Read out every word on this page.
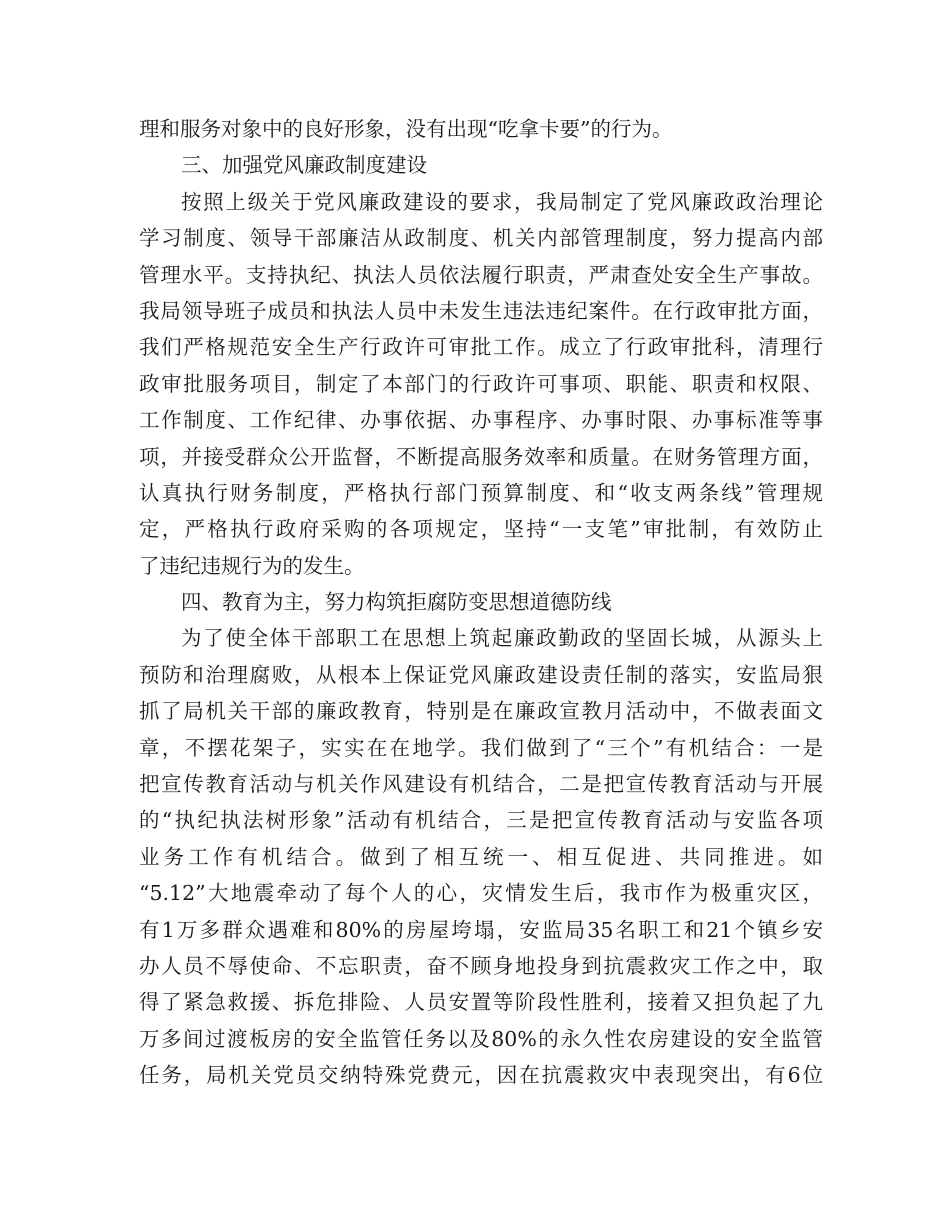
理和服务对象中的良好形象，没有出现“吃拿卡要”的行为。
三、加强党风廉政制度建设
按照上级关于党风廉政建设的要求，我局制定了党风廉政政治理论
学习制度、领导干部廉洁从政制度、机关内部管理制度，努力提高内部
管理水平。支持执纪、执法人员依法履行职责，严肃查处安全生产事故。
我局领导班子成员和执法人员中未发生违法违纪案件。在行政审批方面，
我们严格规范安全生产行政许可审批工作。成立了行政审批科，清理行
政审批服务项目，制定了本部门的行政许可事项、职能、职责和权限、
工作制度、工作纪律、办事依据、办事程序、办事时限、办事标准等事
项，并接受群众公开监督，不断提高服务效率和质量。在财务管理方面，
认真执行财务制度，严格执行部门预算制度、和“收支两条线”管理规
定，严格执行政府采购的各项规定，坚持“一支笔”审批制，有效防止
了违纪违规行为的发生。
四、教育为主，努力构筑拒腐防变思想道德防线
为了使全体干部职工在思想上筑起廉政勤政的坚固长城，从源头上
预防和治理腐败，从根本上保证党风廉政建设责任制的落实，安监局狠
抓了局机关干部的廉政教育，特别是在廉政宣教月活动中，不做表面文
章，不摆花架子，实实在在地学。我们做到了“三个”有机结合：一是
把宣传教育活动与机关作风建设有机结合，二是把宣传教育活动与开展
的“执纪执法树形象”活动有机结合，三是把宣传教育活动与安监各项
业务工作有机结合。做到了相互统一、相互促进、共同推进。如
“5.12”大地震牵动了每个人的心，灾情发生后，我市作为极重灾区，
有1万多群众遇难和80%的房屋垮塌，安监局35名职工和21个镇乡安
办人员不辱使命、不忘职责，奋不顾身地投身到抗震救灾工作之中，取
得了紧急救援、拆危排险、人员安置等阶段性胜利，接着又担负起了九
万多间过渡板房的安全监管任务以及80%的永久性农房建设的安全监管
任务，局机关党员交纳特殊党费元，因在抗震救灾中表现突出，有6位
